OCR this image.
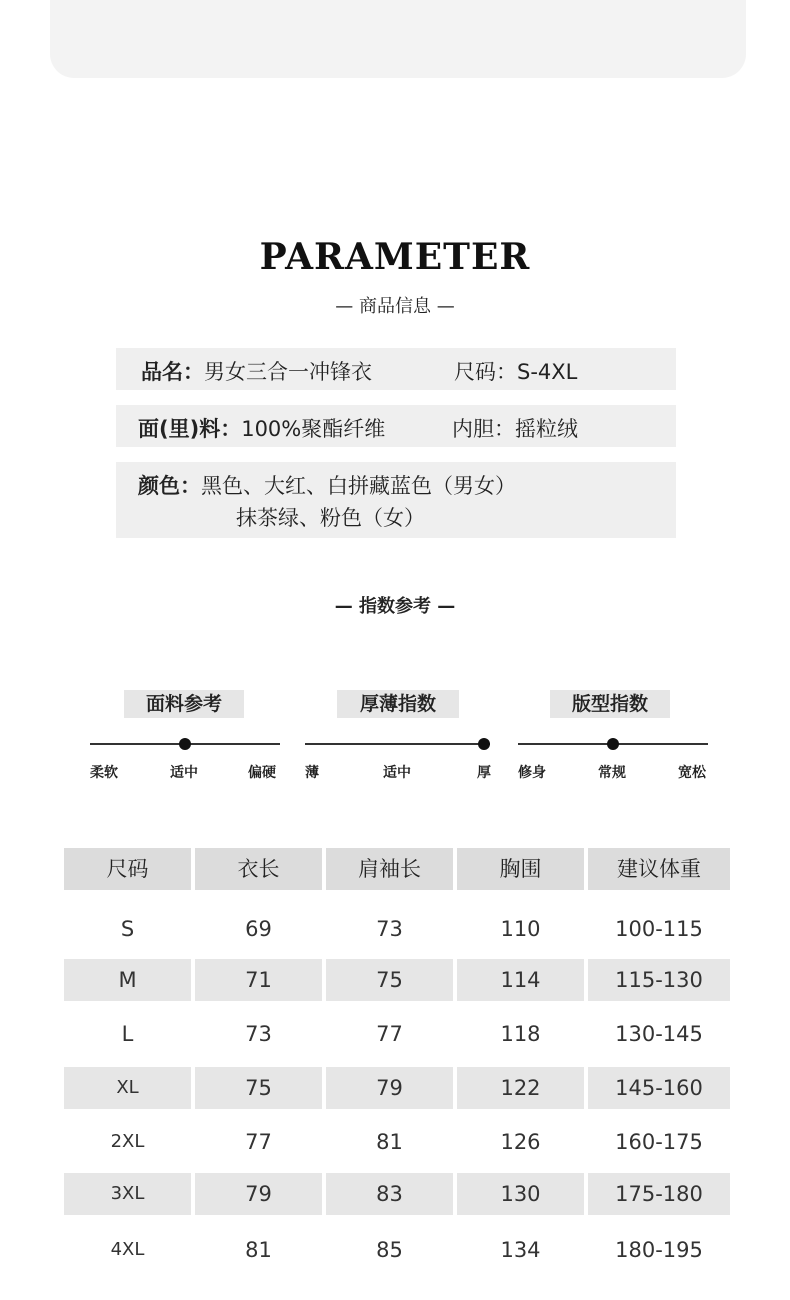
PARAMETER
— 商品信息 —
品名：男女三合一冲锋衣	尺码：S-4XL
面(里)料：100%聚酯纤维	内胆：摇粒绒
颜色：黑色、大红、白拼藏蓝色（男女）
抹茶绿、粉色（女）
— 指数参考 —
面料参考
柔软	适中	偏硬
厚薄指数
薄	适中	厚
版型指数
修身	常规	宽松
尺码	衣长	肩袖长	胸围	建议体重
S	69	73	110	100-115
M	71	75	114	115-130
L	73	77	118	130-145
XL	75	79	122	145-160
2XL	77	81	126	160-175
3XL	79	83	130	175-180
4XL	81	85	134	180-195
